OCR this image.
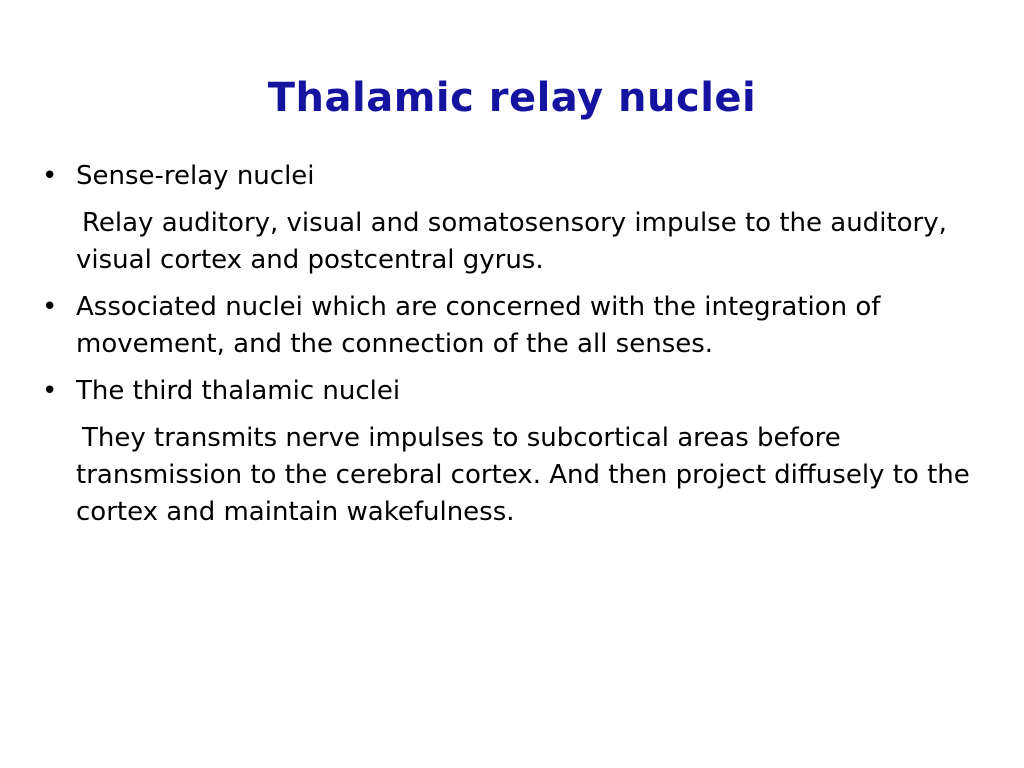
Thalamic relay nuclei
• Sense-relay nuclei
Relay auditory, visual and somatosensory impulse to the auditory, visual cortex and postcentral gyrus.
• Associated nuclei which are concerned with the integration of movement, and the connection of the all senses.
• The third thalamic nuclei
They transmits nerve impulses to subcortical areas before transmission to the cerebral cortex. And then project diffusely to the cortex and maintain wakefulness.
